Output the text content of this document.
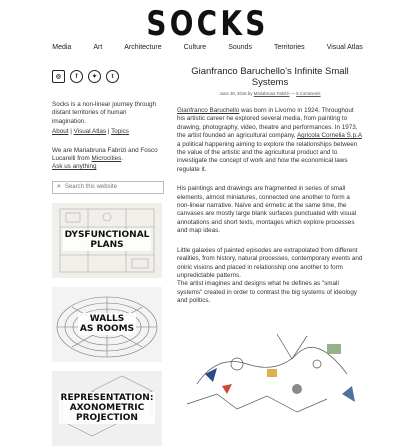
SOCKS
Media	Art	Architecture	Culture	Sounds	Territories	Visual Atlas
◎	f	✦	t
Socks is a non-linear journey through distant territories of human imagination.
About | Visual Atlas | Topics
We are Mariabruna Fabrizi and Fosco Lucarelli from Microcities.
Ask us anything
⌕ Search this website
DYSFUNCTIONAL
PLANS
WALLS
AS ROOMS
REPRESENTATION:
AXONOMETRIC
PROJECTION
Gianfranco Baruchello's Infinite Small Systems
June 30, 2015 by Mariabruna Fabrizi — 5 Comments
Gianfranco Baruchello was born in Livorno in 1924. Throughout his artistic career he explored several media, from painting to drawing, photography, video, theatre and performances. In 1973, the artist founded an agricultural company, Agricola Cornelia S.p.A a political happening aiming to explore the relationships between the value of the artistic and the agricultural product and to investigate the concept of work and how the economical laws regulate it.
His paintings and drawings are fragmented in series of small elements, almost miniatures, connected one another to form a non-linear narrative. Naïve and ermetic at the same time, the canvases are mostly large blank surfaces punctuated with visual annotations and short texts, montages which explore processes and map ideas.

Little galaxies of painted episodes are extrapolated from different realities, from history, natural processes, contemporary events and oniric visions and placed in relationship one another to form unpredictable patterns.

The artist imagines and designs what he defines as "small systems" created in order to contrast the big systems of ideology and politics.
